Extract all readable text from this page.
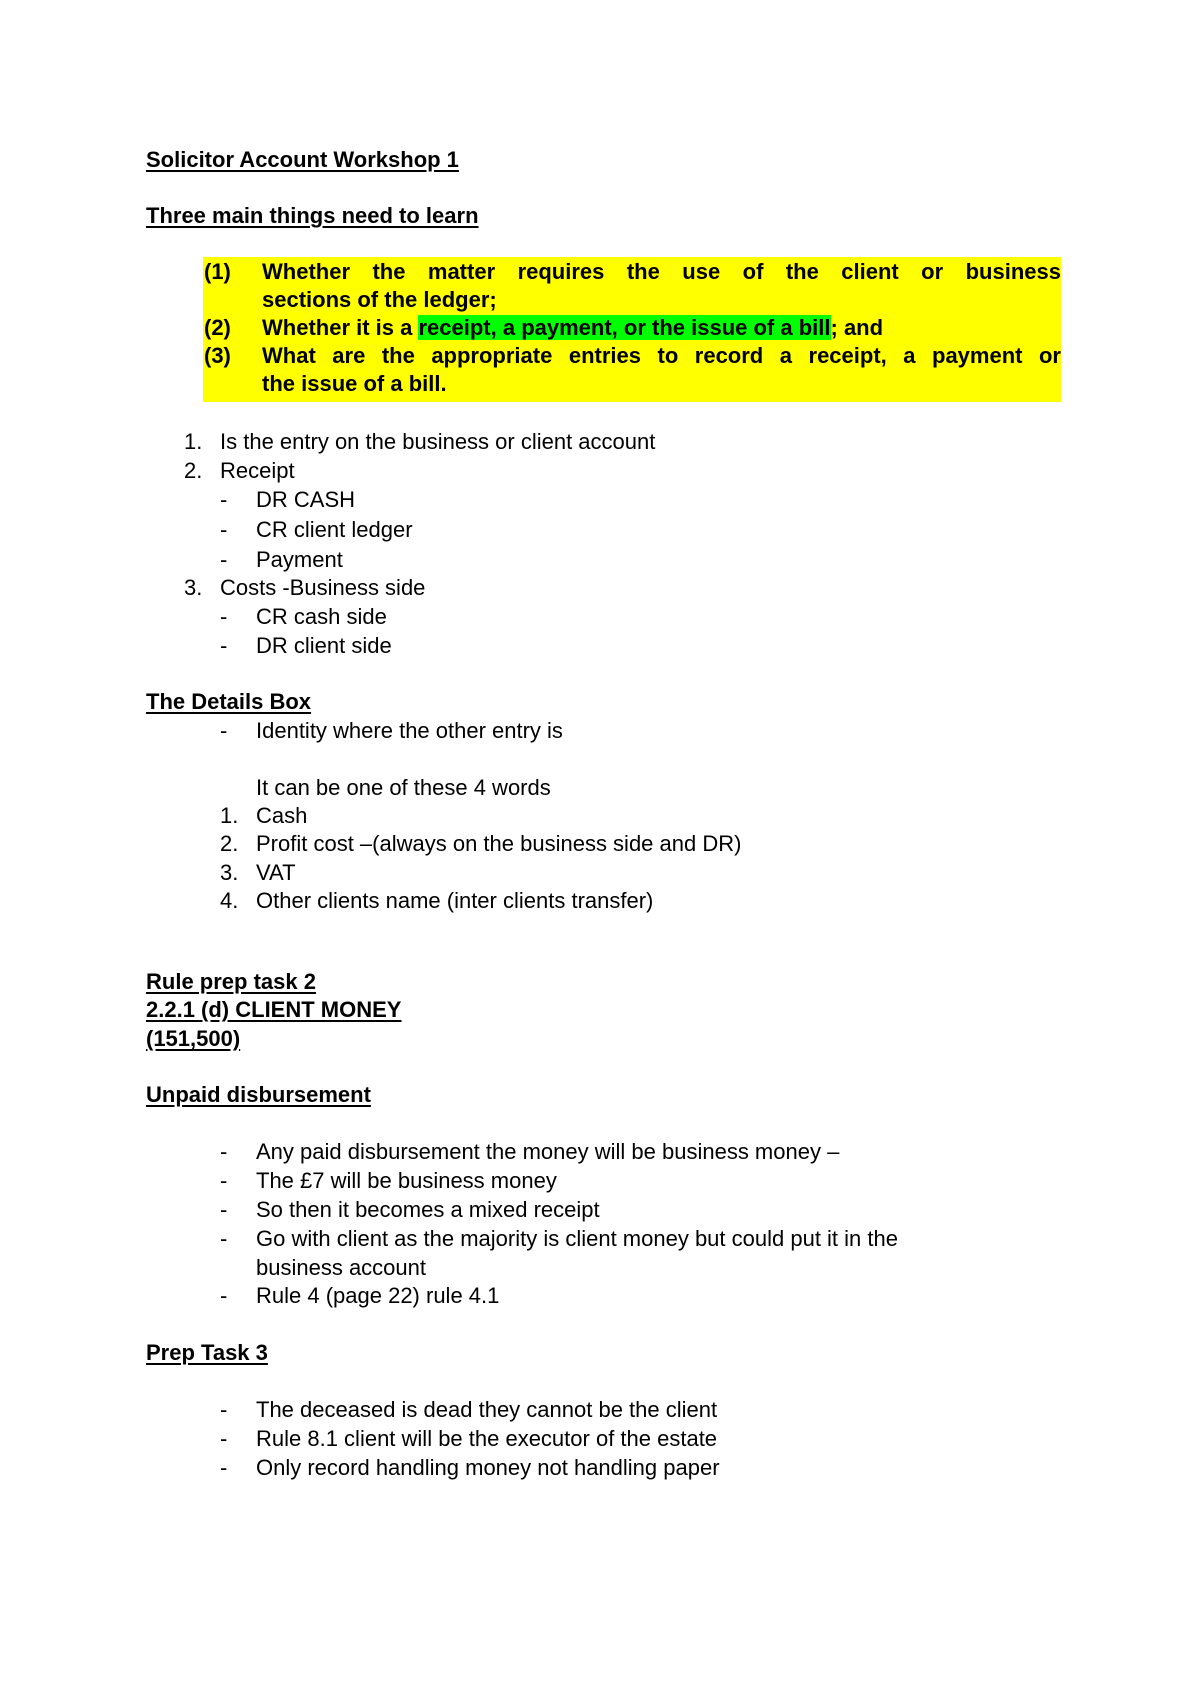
Solicitor Account Workshop 1
Three main things need to learn
(1) Whether the matter requires the use of the client or business
sections of the ledger;
(2) Whether it is a receipt, a payment, or the issue of a bill; and
(3) What are the appropriate entries to record a receipt, a payment or
the issue of a bill.
1. Is the entry on the business or client account
2. Receipt
- DR CASH
- CR client ledger
- Payment
3. Costs -Business side
- CR cash side
- DR client side
The Details Box
- Identity where the other entry is
It can be one of these 4 words
1. Cash
2. Profit cost –(always on the business side and DR)
3. VAT
4. Other clients name (inter clients transfer)
Rule prep task 2
2.2.1 (d) CLIENT MONEY
(151,500)
Unpaid disbursement
- Any paid disbursement the money will be business money –
- The £7 will be business money
- So then it becomes a mixed receipt
- Go with client as the majority is client money but could put it in the
business account
- Rule 4 (page 22) rule 4.1
Prep Task 3
- The deceased is dead they cannot be the client
- Rule 8.1 client will be the executor of the estate
- Only record handling money not handling paper
